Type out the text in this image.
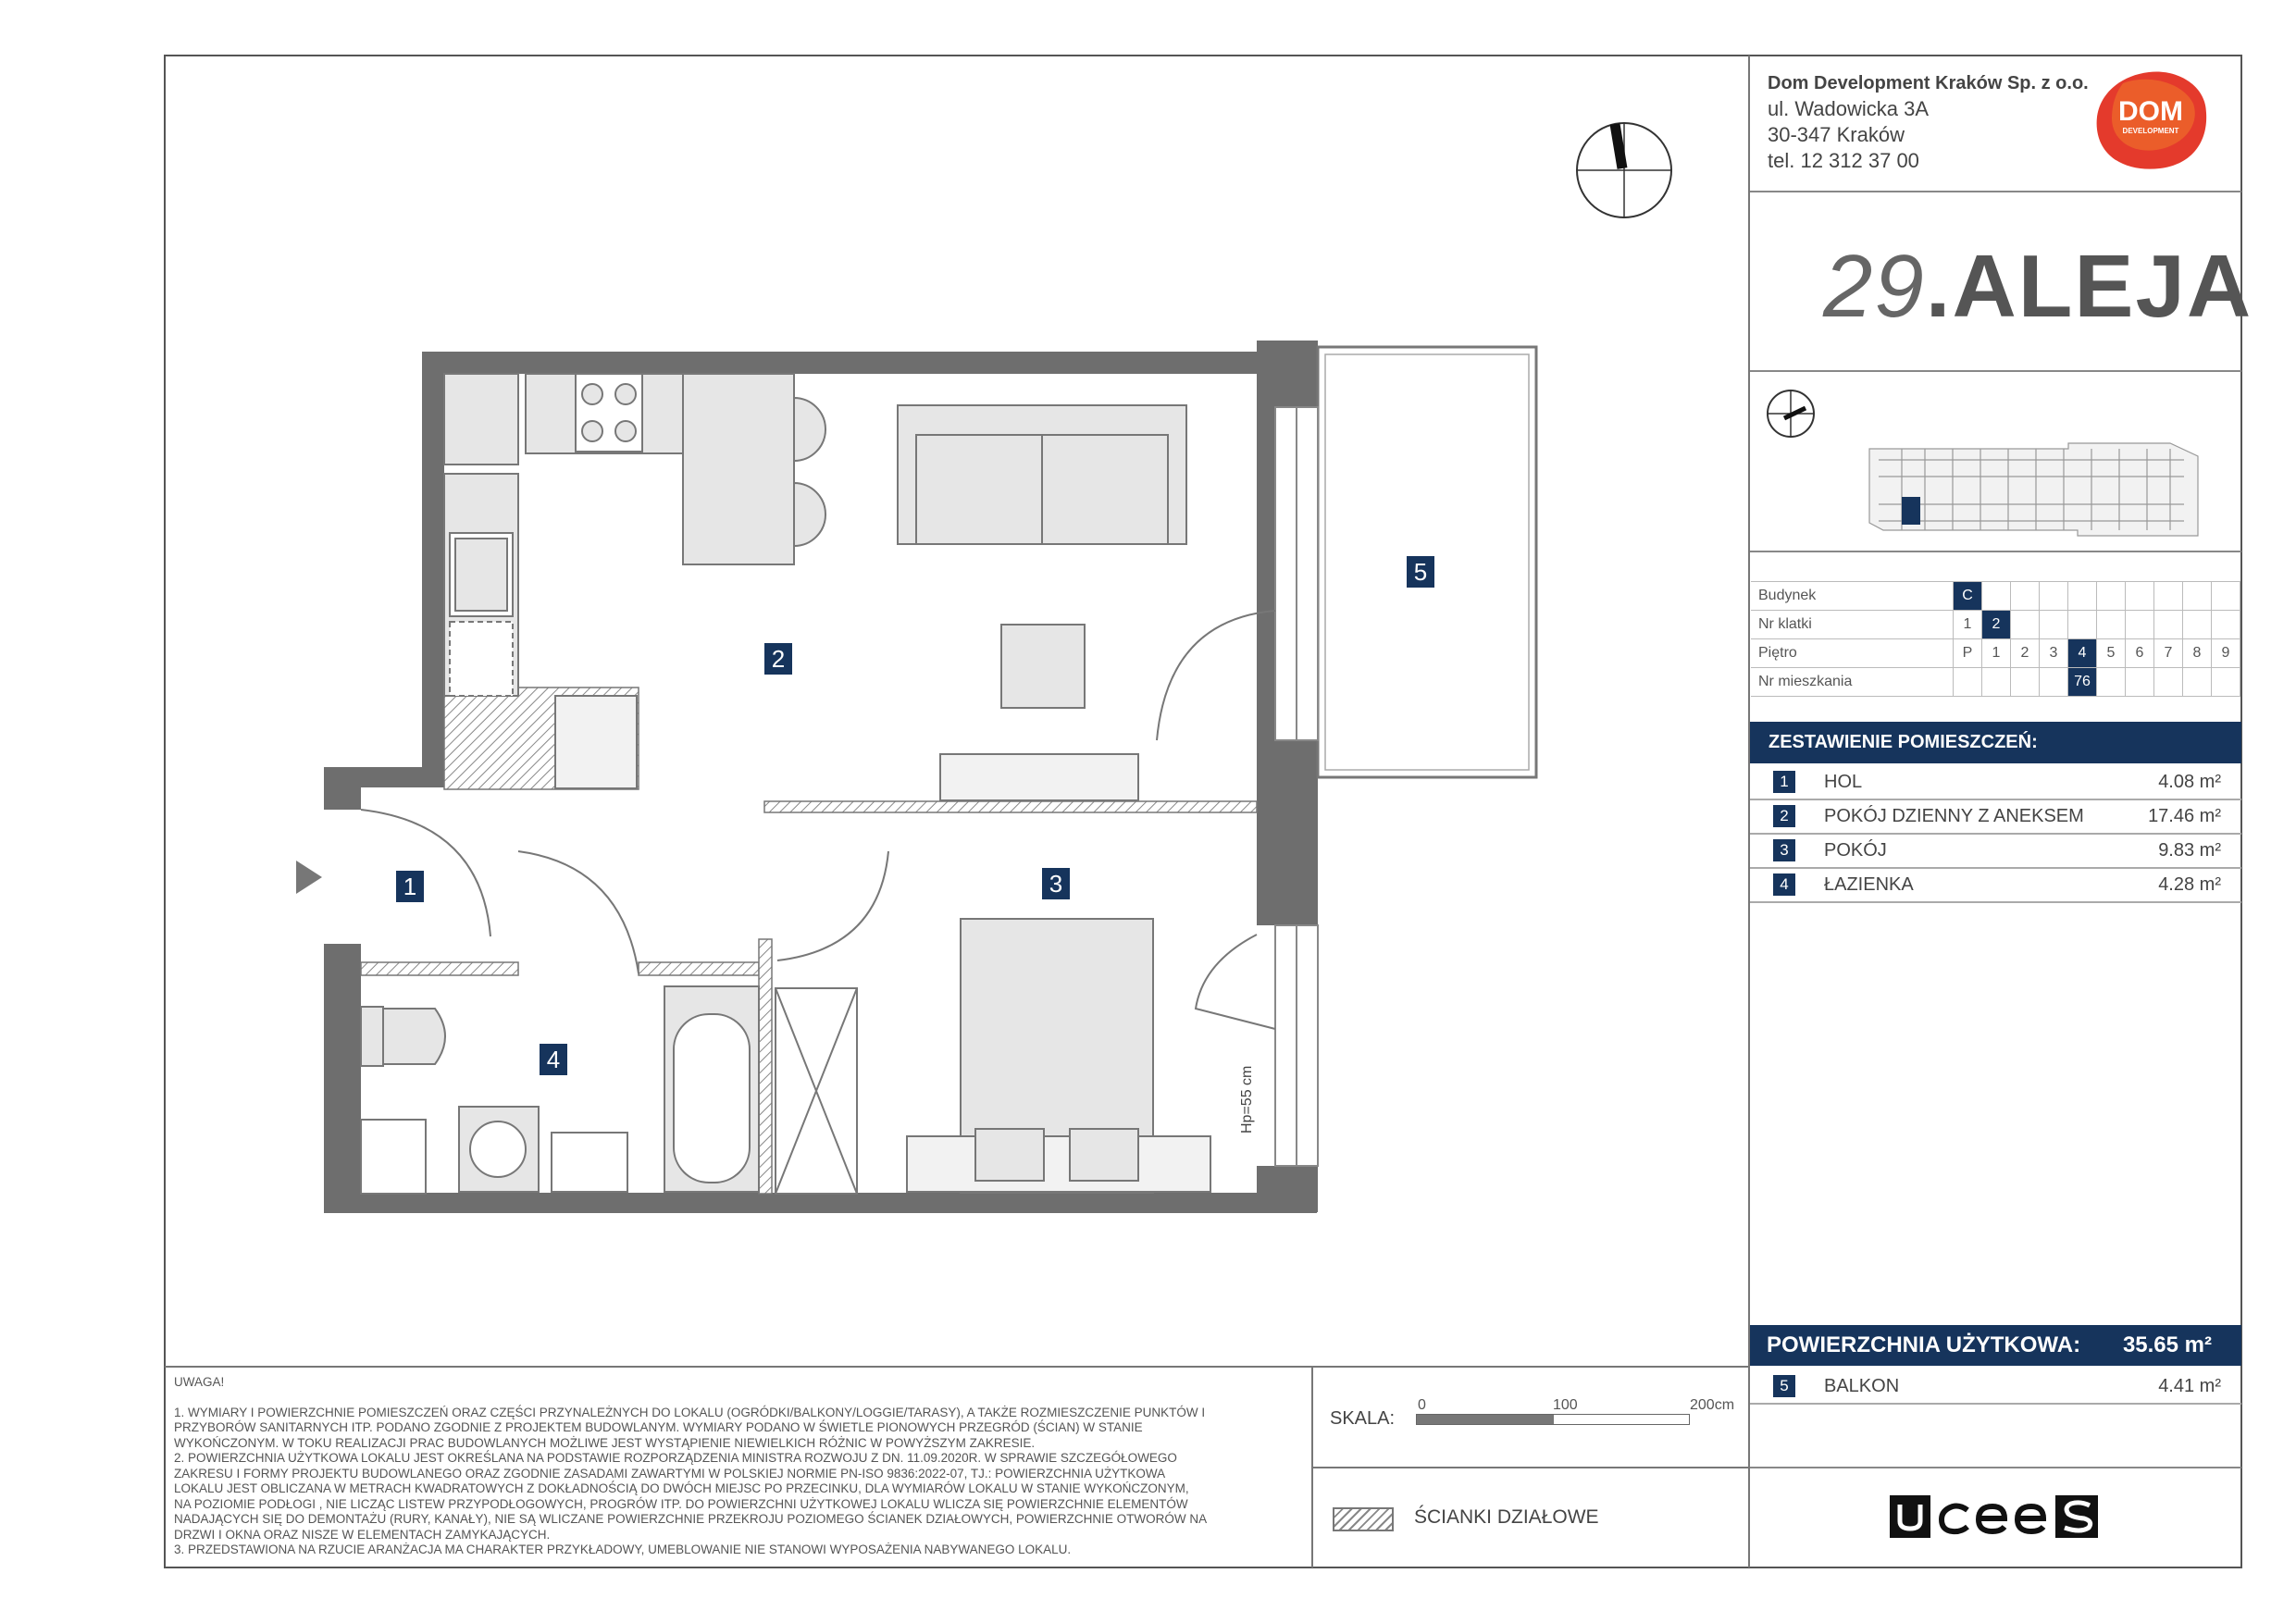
Dom Development Kraków Sp. z o.o.
ul. Wadowicka 3A
30-347 Kraków
tel. 12 312 37 00
DOM
DEVELOPMENT
29.ALEJA
Budynek	C									
Nr klatki	1	2								
Piętro	P	1	2	3	4	5	6	7	8	9
Nr mieszkania					76					
ZESTAWIENIE POMIESZCZEŃ:
1	HOL	4.08 m²
2	POKÓJ DZIENNY Z ANEKSEM	17.46 m²
3	POKÓJ	9.83 m²
4	ŁAZIENKA	4.28 m²
POWIERZCHNIA UŻYTKOWA: 35.65 m²
5	BALKON	4.41 m²

UWAGA!

1. WYMIARY I POWIERZCHNIE POMIESZCZEŃ ORAZ CZĘŚCI PRZYNALEŻNYCH DO LOKALU (OGRÓDKI/BALKONY/LOGGIE/TARASY), A TAKŻE ROZMIESZCZENIE PUNKTÓW I

PRZYBORÓW SANITARNYCH ITP. PODANO ZGODNIE Z PROJEKTEM BUDOWLANYM. WYMIARY PODANO W ŚWIETLE PIONOWYCH PRZEGRÓD (ŚCIAN) W STANIE

WYKOŃCZONYM. W TOKU REALIZACJI PRAC BUDOWLANYCH MOŻLIWE JEST WYSTĄPIENIE NIEWIELKICH RÓŻNIC W POWYŻSZYM ZAKRESIE.

2. POWIERZCHNIA UŻYTKOWA LOKALU JEST OKREŚLANA NA PODSTAWIE ROZPORZĄDZENIA MINISTRA ROZWOJU Z DN. 11.09.2020R. W SPRAWIE SZCZEGÓŁOWEGO

ZAKRESU I FORMY PROJEKTU BUDOWLANEGO ORAZ ZGODNIE ZASADAMI ZAWARTYMI W POLSKIEJ NORMIE PN-ISO 9836:2022-07, TJ.: POWIERZCHNIA UŻYTKOWA

LOKALU JEST OBLICZANA W METRACH KWADRATOWYCH Z DOKŁADNOŚCIĄ DO DWÓCH MIEJSC PO PRZECINKU, DLA WYMIARÓW LOKALU W STANIE WYKOŃCZONYM,

NA POZIOMIE PODŁOGI , NIE LICZĄC LISTEW PRZYPODŁOGOWYCH, PROGRÓW ITP. DO POWIERZCHNI UŻYTKOWEJ LOKALU WLICZA SIĘ POWIERZCHNIE ELEMENTÓW

NADAJĄCYCH SIĘ DO DEMONTAŻU (RURY, KANAŁY), NIE SĄ WLICZANE POWIERZCHNIE PRZEKROJU POZIOMEGO ŚCIANEK DZIAŁOWYCH, POWIERZCHNIE OTWORÓW NA

DRZWI I OKNA ORAZ NISZE W ELEMENTACH ZAMYKAJĄCYCH.

3. PRZEDSTAWIONA NA RZUCIE ARANŻACJA MA CHARAKTER PRZYKŁADOWY, UMEBLOWANIE NIE STANOWI WYPOSAŻENIA NABYWANEGO LOKALU.

SKALA:
0	100	200cm
ŚCIANKI DZIAŁOWE
Hp=55 cm
1
2
3
4
5
